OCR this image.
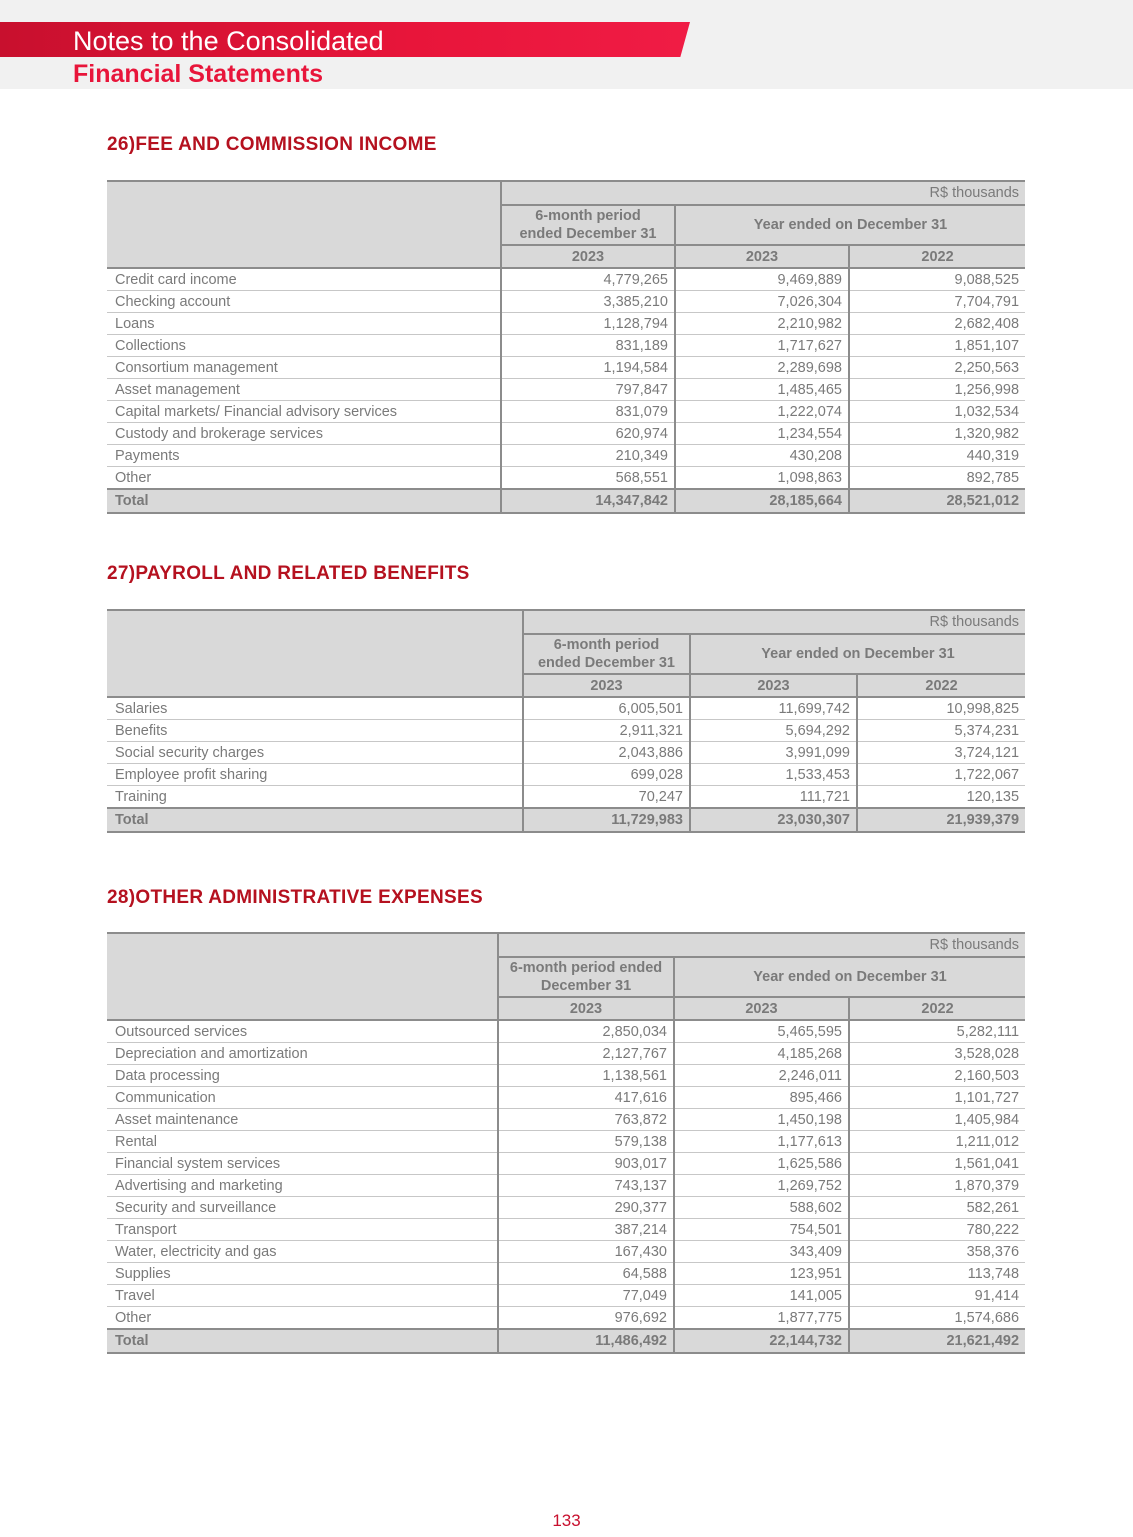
Notes to the Consolidated
Financial Statements
26)FEE AND COMMISSION INCOME
	R$ thousands		
	6-month period ended December 31	Year ended on December 31	
	2023	2023	2022
Credit card income	4,779,265	9,469,889	9,088,525
Checking account	3,385,210	7,026,304	7,704,791
Loans	1,128,794	2,210,982	2,682,408
Collections	831,189	1,717,627	1,851,107
Consortium management	1,194,584	2,289,698	2,250,563
Asset management	797,847	1,485,465	1,256,998
Capital markets/ Financial advisory services	831,079	1,222,074	1,032,534
Custody and brokerage services	620,974	1,234,554	1,320,982
Payments	210,349	430,208	440,319
Other	568,551	1,098,863	892,785
Total	14,347,842	28,185,664	28,521,012
27)PAYROLL AND RELATED BENEFITS
	R$ thousands		
	6-month period ended December 31	Year ended on December 31	
	2023	2023	2022
Salaries	6,005,501	11,699,742	10,998,825
Benefits	2,911,321	5,694,292	5,374,231
Social security charges	2,043,886	3,991,099	3,724,121
Employee profit sharing	699,028	1,533,453	1,722,067
Training	70,247	111,721	120,135
Total	11,729,983	23,030,307	21,939,379
28)OTHER ADMINISTRATIVE EXPENSES
	R$ thousands		
	6-month period ended December 31	Year ended on December 31	
	2023	2023	2022
Outsourced services	2,850,034	5,465,595	5,282,111
Depreciation and amortization	2,127,767	4,185,268	3,528,028
Data processing	1,138,561	2,246,011	2,160,503
Communication	417,616	895,466	1,101,727
Asset maintenance	763,872	1,450,198	1,405,984
Rental	579,138	1,177,613	1,211,012
Financial system services	903,017	1,625,586	1,561,041
Advertising and marketing	743,137	1,269,752	1,870,379
Security and surveillance	290,377	588,602	582,261
Transport	387,214	754,501	780,222
Water, electricity and gas	167,430	343,409	358,376
Supplies	64,588	123,951	113,748
Travel	77,049	141,005	91,414
Other	976,692	1,877,775	1,574,686
Total	11,486,492	22,144,732	21,621,492
133
